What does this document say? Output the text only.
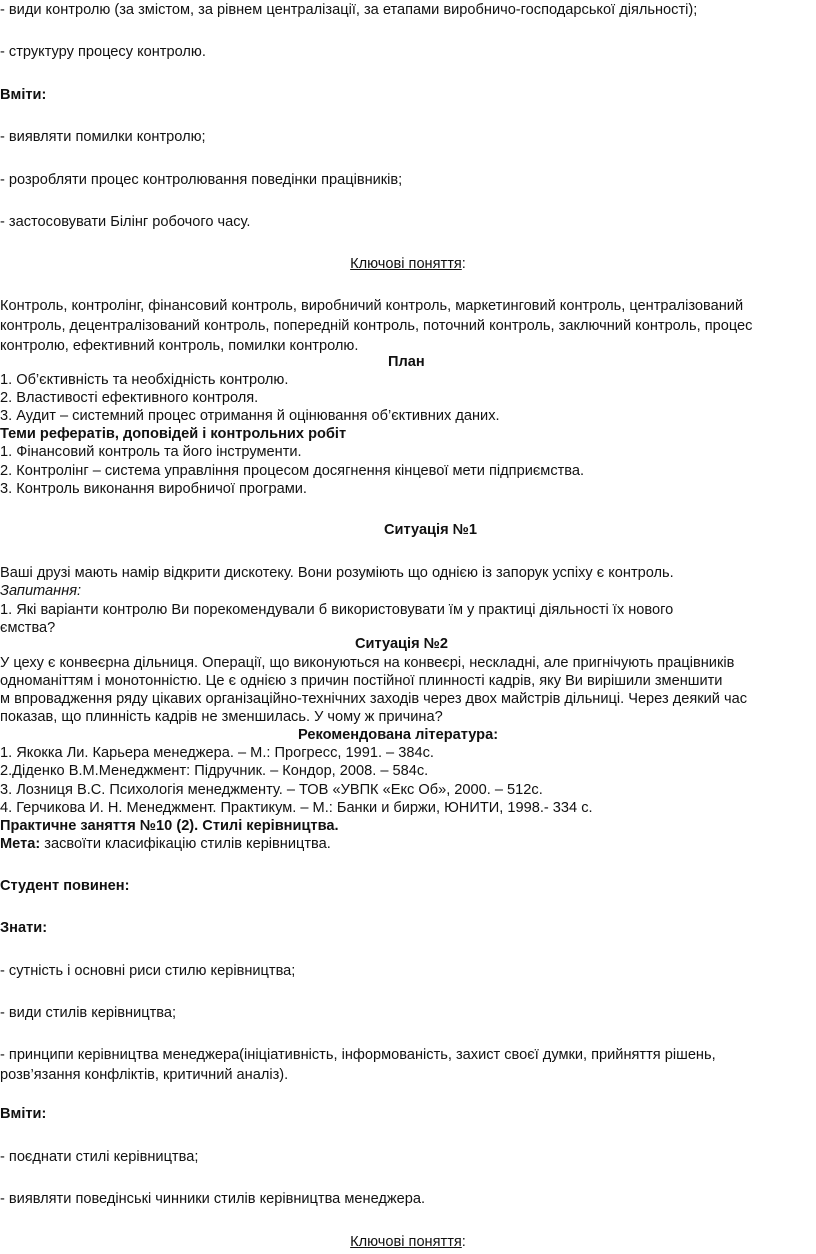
- види контролю (за змістом, за рівнем централізації, за етапами виробничо-господарської діяльності);
- структуру процесу контролю.
Вміти:
- виявляти помилки контролю;
- розробляти процес контролювання поведінки працівників;
- застосовувати Білінг робочого часу.
Ключові поняття:
Контроль, контролінг, фінансовий контроль, виробничий контроль, маркетинговий контроль, централізований
контроль, децентралізований контроль, попередній контроль, поточний контроль, заключний контроль, процес
контролю, ефективний контроль, помилки контролю.
План
1. Об’єктивність та необхідність контролю.
2. Властивості ефективного контроля.
3. Аудит – системний процес отримання й оцінювання об’єктивних даних.
Теми рефератів, доповідей і контрольних робіт
1. Фінансовий контроль та його інструменти.
2. Контролінг – система управління процесом досягнення кінцевої мети підприємства.
3. Контроль виконання виробничої програми.
Ситуація №1
Ваші друзі мають намір відкрити дискотеку. Вони розуміють що однією із запорук успіху є контроль.
Запитання:
1. Які варіанти контролю Ви порекомендували б використовувати їм у практиці діяльності їх нового
ємства?
Ситуація №2
У цеху є конвеєрна дільниця. Операції, що виконуються на конвеєрі, нескладні, але пригнічують працівників
одноманіттям і монотонністю. Це є однією з причин постійної плинності кадрів, яку Ви вирішили зменшити
м впровадження ряду цікавих організаційно-технічних заходів через двох майстрів дільниці. Через деякий час
показав, що плинність кадрів не зменшилась. У чому ж причина?
Рекомендована література:
1. Якокка Ли. Карьера менеджера. – М.: Прогресс, 1991. – 384с.
2.Діденко В.М.Менеджмент: Підручник. – Кондор, 2008. – 584с.
3. Лозниця В.С. Психологія менеджменту. – ТОВ «УВПК «Екс Об», 2000. – 512с.
4. Герчикова И. Н. Менеджмент. Практикум. – М.: Банки и биржи, ЮНИТИ, 1998.- 334 с.
Практичне заняття №10 (2). Стилі керівництва.
Мета: засвоїти класифікацію стилів керівництва.
Студент повинен:
Знати:
- сутність і основні риси стилю керівництва;
- види стилів керівництва;
- принципи керівництва менеджера(ініціативність, інформованість, захист своєї думки, прийняття рішень,
розв’язання конфліктів, критичний аналіз).
Вміти:
- поєднати стилі керівництва;
- виявляти поведінські чинники стилів керівництва менеджера.
Ключові поняття:
